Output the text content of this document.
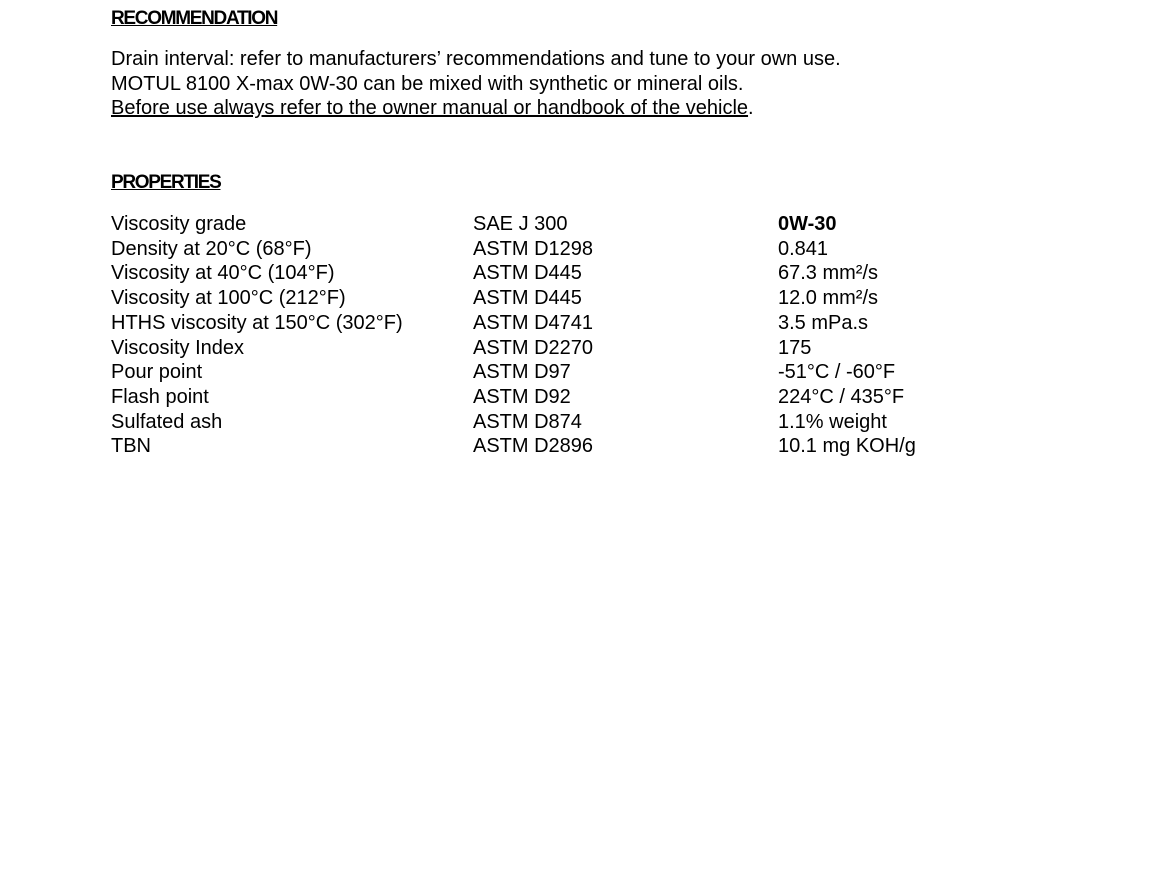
RECOMMENDATION
Drain interval: refer to manufacturers’ recommendations and tune to your own use.
MOTUL 8100 X-max 0W-30 can be mixed with synthetic or mineral oils.
Before use always refer to the owner manual or handbook of the vehicle.
PROPERTIES
Viscosity grade	SAE J 300	0W-30
Density at 20°C (68°F)	ASTM D1298	0.841
Viscosity at 40°C (104°F)	ASTM D445	67.3 mm²/s
Viscosity at 100°C (212°F)	ASTM D445	12.0 mm²/s
HTHS viscosity at 150°C (302°F)	ASTM D4741	3.5 mPa.s
Viscosity Index	ASTM D2270	175
Pour point	ASTM D97	-51°C / -60°F
Flash point	ASTM D92	224°C / 435°F
Sulfated ash	ASTM D874	1.1% weight
TBN	ASTM D2896	10.1 mg KOH/g
